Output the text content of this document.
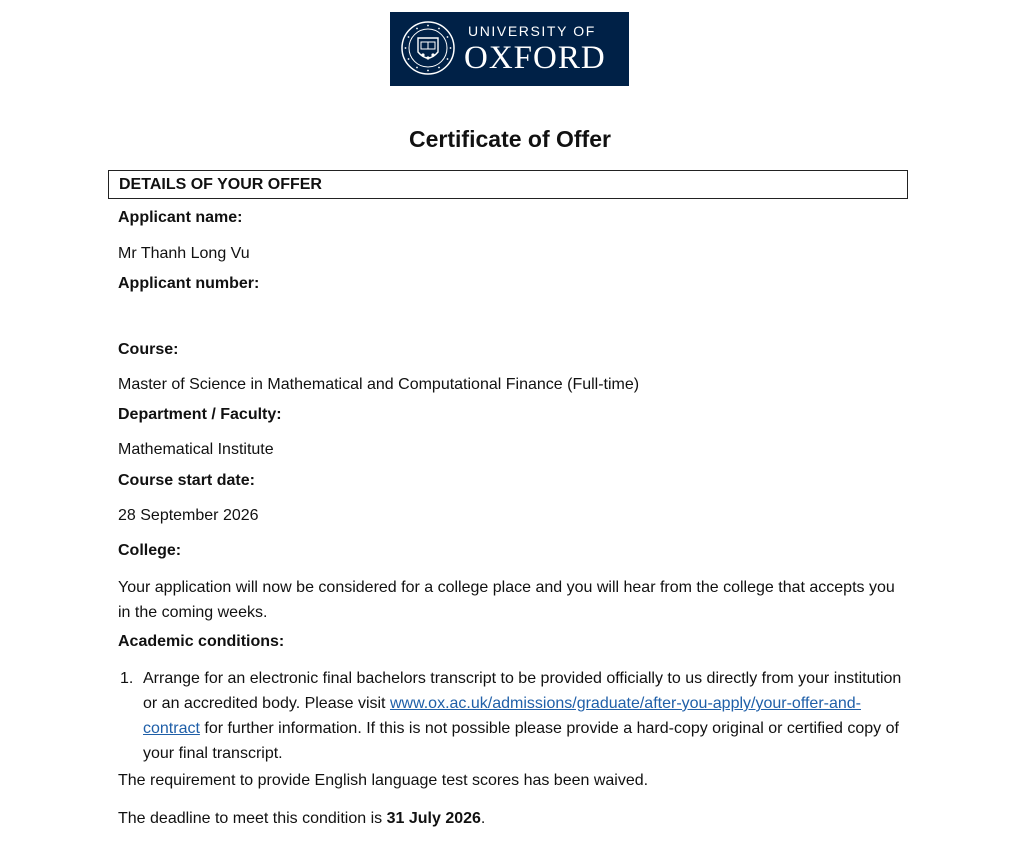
UNIVERSITY OF
OXFORD
Certificate of Offer
DETAILS OF YOUR OFFER
Applicant name:
Mr Thanh Long Vu
Applicant number:
Course:
Master of Science in Mathematical and Computational Finance (Full-time)
Department / Faculty:
Mathematical Institute
Course start date:
28 September 2026
College:
Your application will now be considered for a college place and you will hear from the college that accepts you in the coming weeks.
Academic conditions:
1. Arrange for an electronic final bachelors transcript to be provided officially to us directly from your institution or an accredited body. Please visit www.ox.ac.uk/admissions/graduate/after-you-apply/your-offer-and-contract for further information. If this is not possible please provide a hard-copy original or certified copy of your final transcript.
The requirement to provide English language test scores has been waived.
The deadline to meet this condition is 31 July 2026.
